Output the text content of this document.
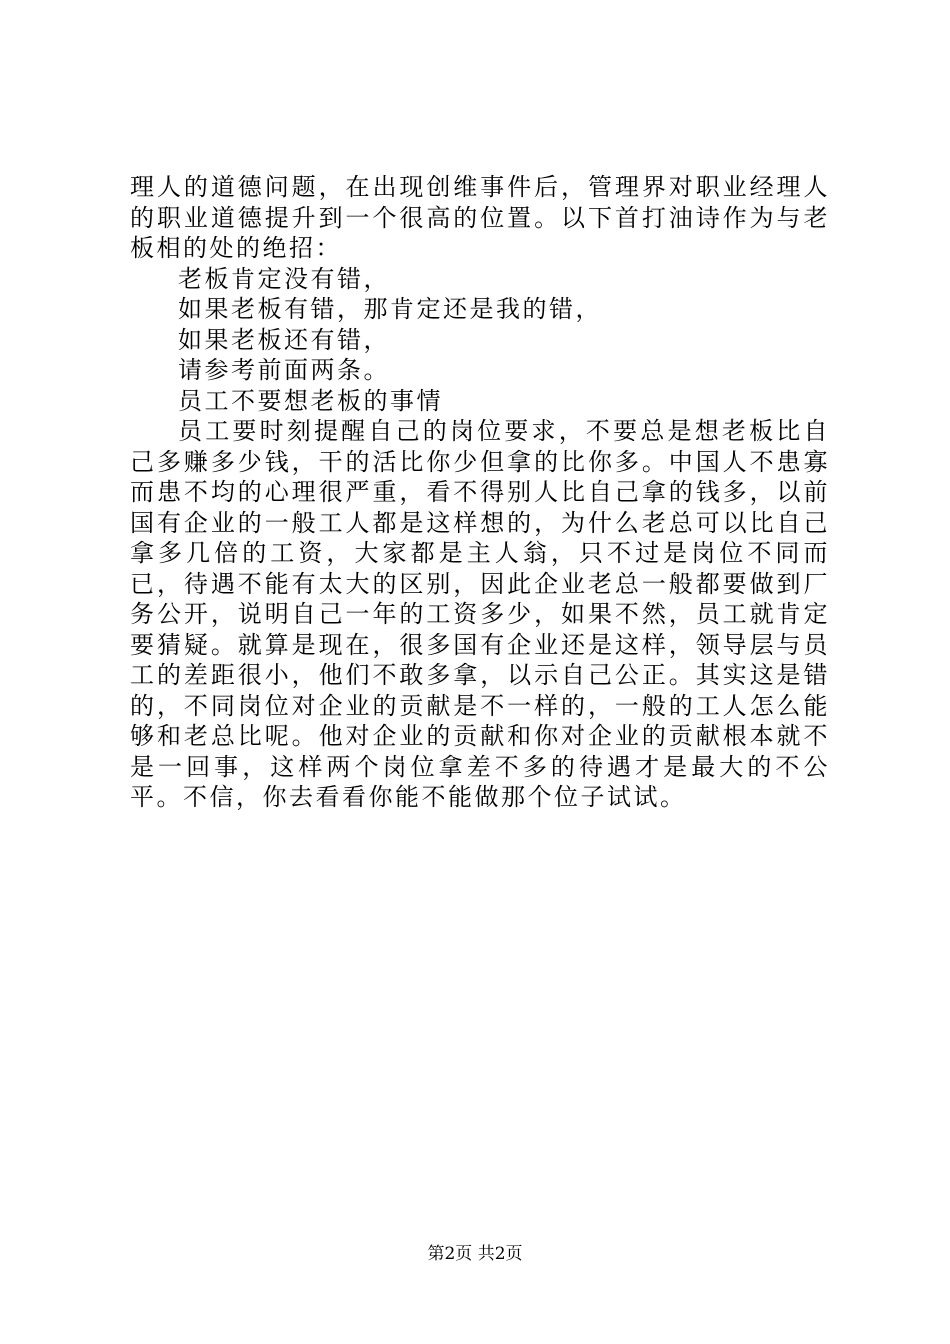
理人的道德问题，在出现创维事件后，管理界对职业经理人的职业道德提升到一个很高的位置。以下首打油诗作为与老板相的处的绝招：

老板肯定没有错，

如果老板有错，那肯定还是我的错，

如果老板还有错，

请参考前面两条。

员工不要想老板的事情

员工要时刻提醒自己的岗位要求，不要总是想老板比自己多赚多少钱，干的活比你少但拿的比你多。中国人不患寡而患不均的心理很严重，看不得别人比自己拿的钱多，以前国有企业的一般工人都是这样想的，为什么老总可以比自己拿多几倍的工资，大家都是主人翁，只不过是岗位不同而已，待遇不能有太大的区别，因此企业老总一般都要做到厂务公开，说明自己一年的工资多少，如果不然，员工就肯定要猜疑。就算是现在，很多国有企业还是这样，领导层与员工的差距很小，他们不敢多拿，以示自己公正。其实这是错的，不同岗位对企业的贡献是不一样的，一般的工人怎么能够和老总比呢。他对企业的贡献和你对企业的贡献根本就不是一回事，这样两个岗位拿差不多的待遇才是最大的不公平。不信，你去看看你能不能做那个位子试试。

第2页 共2页
